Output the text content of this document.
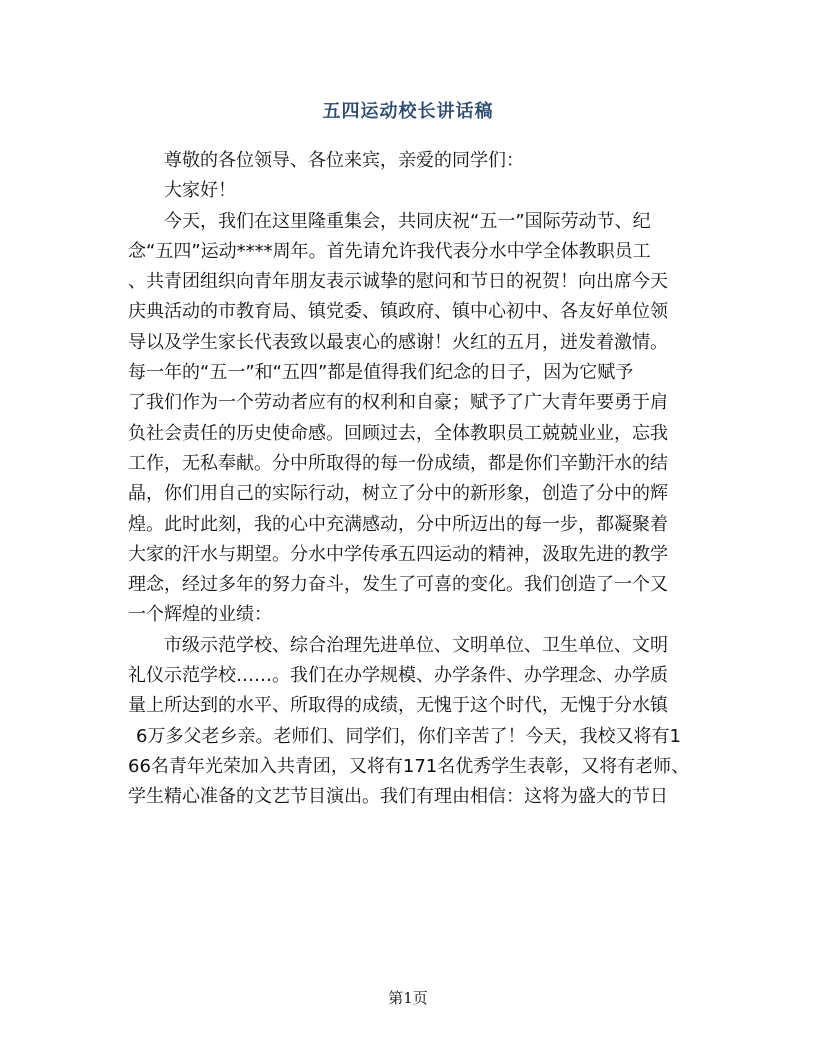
五四运动校长讲话稿
尊敬的各位领导、各位来宾，亲爱的同学们：
大家好！
今天，我们在这里隆重集会，共同庆祝“五一”国际劳动节、纪
念“五四”运动****周年。首先请允许我代表分水中学全体教职员工
、共青团组织向青年朋友表示诚挚的慰问和节日的祝贺！向出席今天
庆典活动的市教育局、镇党委、镇政府、镇中心初中、各友好单位领
导以及学生家长代表致以最衷心的感谢！火红的五月，迸发着激情。
每一年的“五一”和“五四”都是值得我们纪念的日子，因为它赋予
了我们作为一个劳动者应有的权利和自豪；赋予了广大青年要勇于肩
负社会责任的历史使命感。回顾过去，全体教职员工兢兢业业，忘我
工作，无私奉献。分中所取得的每一份成绩，都是你们辛勤汗水的结
晶，你们用自己的实际行动，树立了分中的新形象，创造了分中的辉
煌。此时此刻，我的心中充满感动，分中所迈出的每一步，都凝聚着
大家的汗水与期望。分水中学传承五四运动的精神，汲取先进的教学
理念，经过多年的努力奋斗，发生了可喜的变化。我们创造了一个又
一个辉煌的业绩：
市级示范学校、综合治理先进单位、文明单位、卫生单位、文明
礼仪示范学校……。我们在办学规模、办学条件、办学理念、办学质
量上所达到的水平、所取得的成绩，无愧于这个时代，无愧于分水镇
6万多父老乡亲。老师们、同学们，你们辛苦了！今天，我校又将有1
66名青年光荣加入共青团，又将有171名优秀学生表彰，又将有老师、
学生精心准备的文艺节目演出。我们有理由相信：这将为盛大的节日
第1页
